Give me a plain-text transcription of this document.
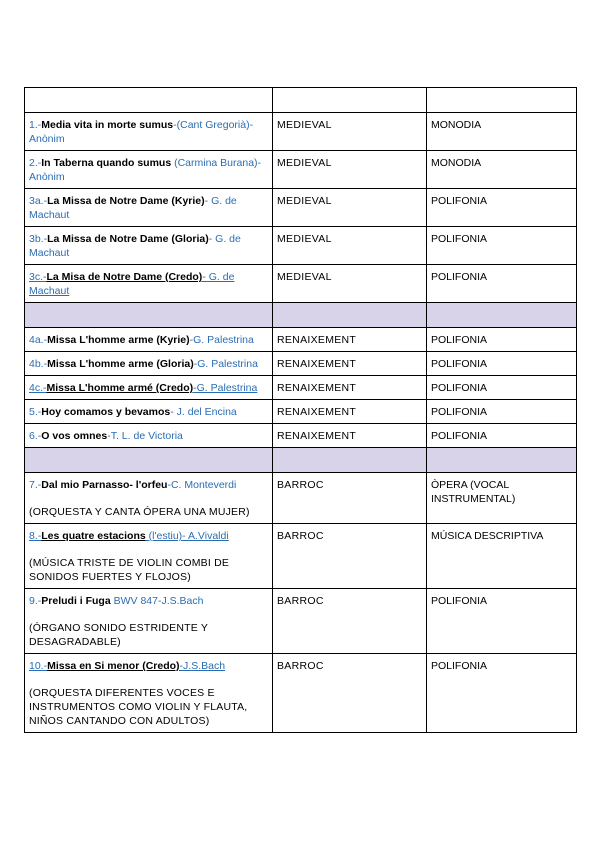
1.-Media vita in morte sumus-(Cant Gregorià)-Anònim	MEDIEVAL	MONODIA
2.-In Taberna quando sumus (Carmina Burana)-Anònim	MEDIEVAL	MONODIA
3a.-La Missa de Notre Dame (Kyrie)- G. de Machaut	MEDIEVAL	POLIFONIA
3b.-La Missa de Notre Dame (Gloria)- G. de Machaut	MEDIEVAL	POLIFONIA
3c.-La Misa de Notre Dame (Credo)- G. de Machaut	MEDIEVAL	POLIFONIA

4a.-Missa L'homme arme (Kyrie)-G. Palestrina	RENAIXEMENT	POLIFONIA
4b.-Missa L'homme arme (Gloria)-G. Palestrina	RENAIXEMENT	POLIFONIA
4c.-Missa L'homme armé (Credo)-G. Palestrina	RENAIXEMENT	POLIFONIA
5.-Hoy comamos y bevamos- J. del Encina	RENAIXEMENT	POLIFONIA
6.-O vos omnes-T. L. de Victoria	RENAIXEMENT	POLIFONIA

7.-Dal mio Parnasso- l'orfeu-C. Monteverdi
(ORQUESTA Y CANTA ÓPERA UNA MUJER)	BARROC	ÒPERA (VOCAL INSTRUMENTAL)
8.-Les quatre estacions (l'estiu)- A.Vivaldi
(MÚSICA TRISTE DE VIOLIN COMBI DE SONIDOS FUERTES Y FLOJOS)	BARROC	MÚSICA DESCRIPTIVA
9.-Preludi i Fuga BWV 847-J.S.Bach
(ÓRGANO SONIDO ESTRIDENTE Y DESAGRADABLE)	BARROC	POLIFONIA
10.-Missa en Si menor (Credo)-J.S.Bach
(ORQUESTA DIFERENTES VOCES E INSTRUMENTOS COMO VIOLIN Y FLAUTA, NIÑOS CANTANDO CON ADULTOS)	BARROC	POLIFONIA
